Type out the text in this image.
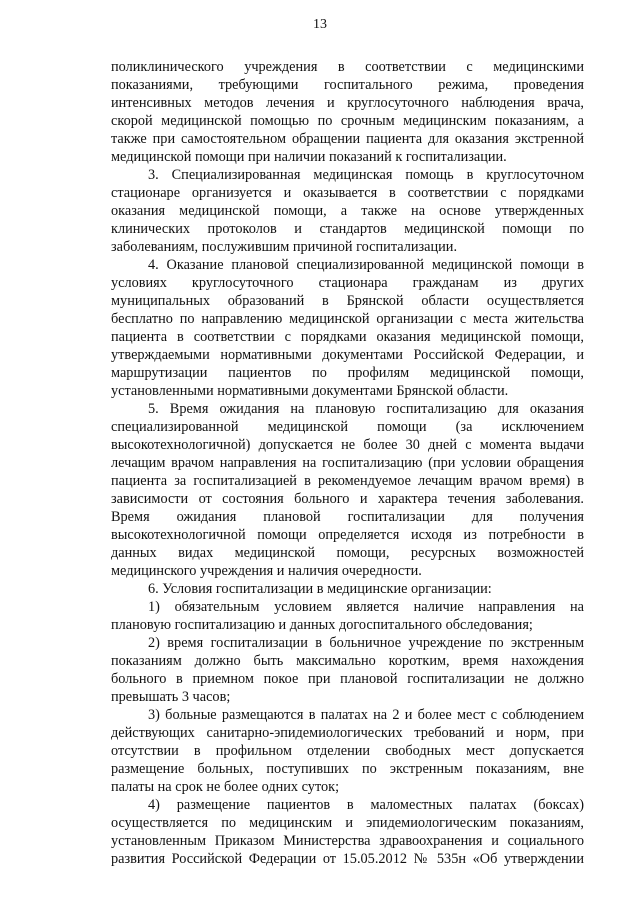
13
поликлинического учреждения в соответствии с медицинскими
показаниями, требующими госпитального режима, проведения
интенсивных методов лечения и круглосуточного наблюдения врача,
скорой медицинской помощью по срочным медицинским показаниям, а
также при самостоятельном обращении пациента для оказания экстренной
медицинской помощи при наличии показаний к госпитализации.
3. Специализированная медицинская помощь в круглосуточном
стационаре организуется и оказывается в соответствии с порядками
оказания медицинской помощи, а также на основе утвержденных
клинических протоколов и стандартов медицинской помощи по
заболеваниям, послужившим причиной госпитализации.
4. Оказание плановой специализированной медицинской помощи в
условиях круглосуточного стационара гражданам из других
муниципальных образований в Брянской области осуществляется
бесплатно по направлению медицинской организации с места жительства
пациента в соответствии с порядками оказания медицинской помощи,
утверждаемыми нормативными документами Российской Федерации, и
маршрутизации пациентов по профилям медицинской помощи,
установленными нормативными документами Брянской области.
5. Время ожидания на плановую госпитализацию для оказания
специализированной медицинской помощи (за исключением
высокотехнологичной) допускается не более 30 дней с момента выдачи
лечащим врачом направления на госпитализацию (при условии обращения
пациента за госпитализацией в рекомендуемое лечащим врачом время) в
зависимости от состояния больного и характера течения заболевания.
Время ожидания плановой госпитализации для получения
высокотехнологичной помощи определяется исходя из потребности в
данных видах медицинской помощи, ресурсных возможностей
медицинского учреждения и наличия очередности.
6. Условия госпитализации в медицинские организации:
1) обязательным условием является наличие направления на
плановую госпитализацию и данных догоспитального обследования;
2) время госпитализации в больничное учреждение по экстренным
показаниям должно быть максимально коротким, время нахождения
больного в приемном покое при плановой госпитализации не должно
превышать 3 часов;
3) больные размещаются в палатах на 2 и более мест с соблюдением
действующих санитарно-эпидемиологических требований и норм, при
отсутствии в профильном отделении свободных мест допускается
размещение больных, поступивших по экстренным показаниям, вне
палаты на срок не более одних суток;
4) размещение пациентов в маломестных палатах (боксах)
осуществляется по медицинским и эпидемиологическим показаниям,
установленным Приказом Министерства здравоохранения и социального
развития Российской Федерации от 15.05.2012 № 535н «Об утверждении
